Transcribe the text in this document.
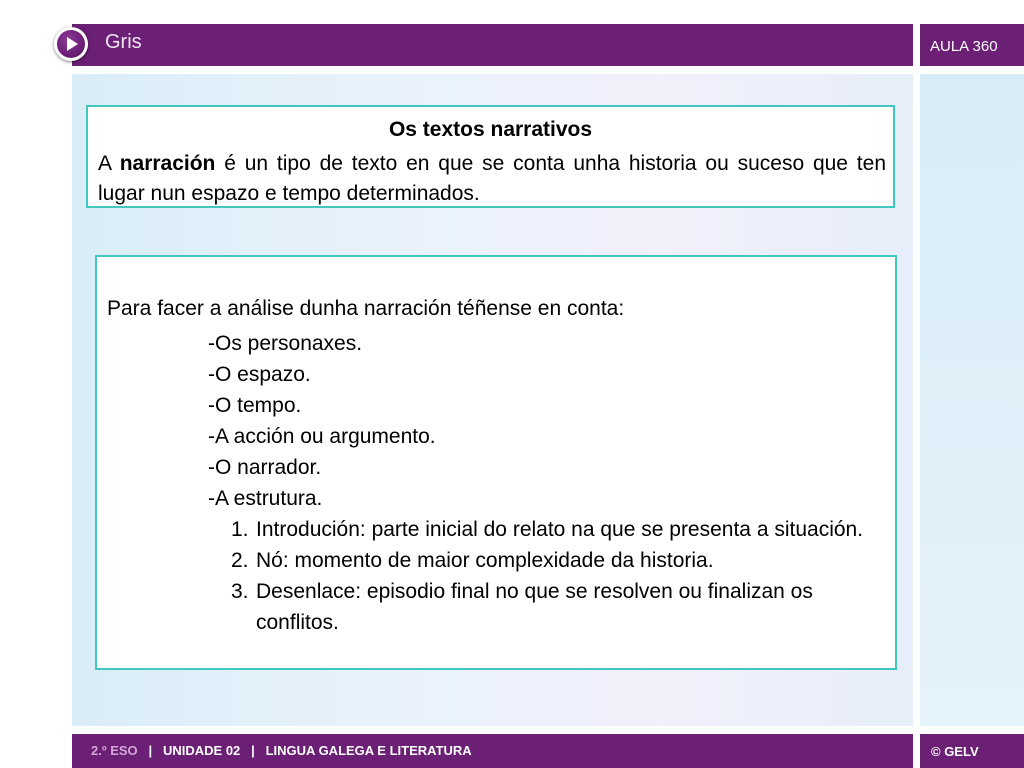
Gris	AULA 360
Os textos narrativos
A narración é un tipo de texto en que se conta unha historia ou suceso que ten lugar nun espazo e tempo determinados.
Para facer a análise dunha narración téñense en conta:
-Os personaxes.
-O espazo.
-O tempo.
-A acción ou argumento.
-O narrador.
-A estrutura.
1. Introdución: parte inicial do relato na que se presenta a situación.
2. Nó: momento de maior complexidade da historia.
3. Desenlace: episodio final no que se resolven ou finalizan os conflitos.
2.º ESO | UNIDADE 02 | LINGUA GALEGA E LITERATURA	© GELV
